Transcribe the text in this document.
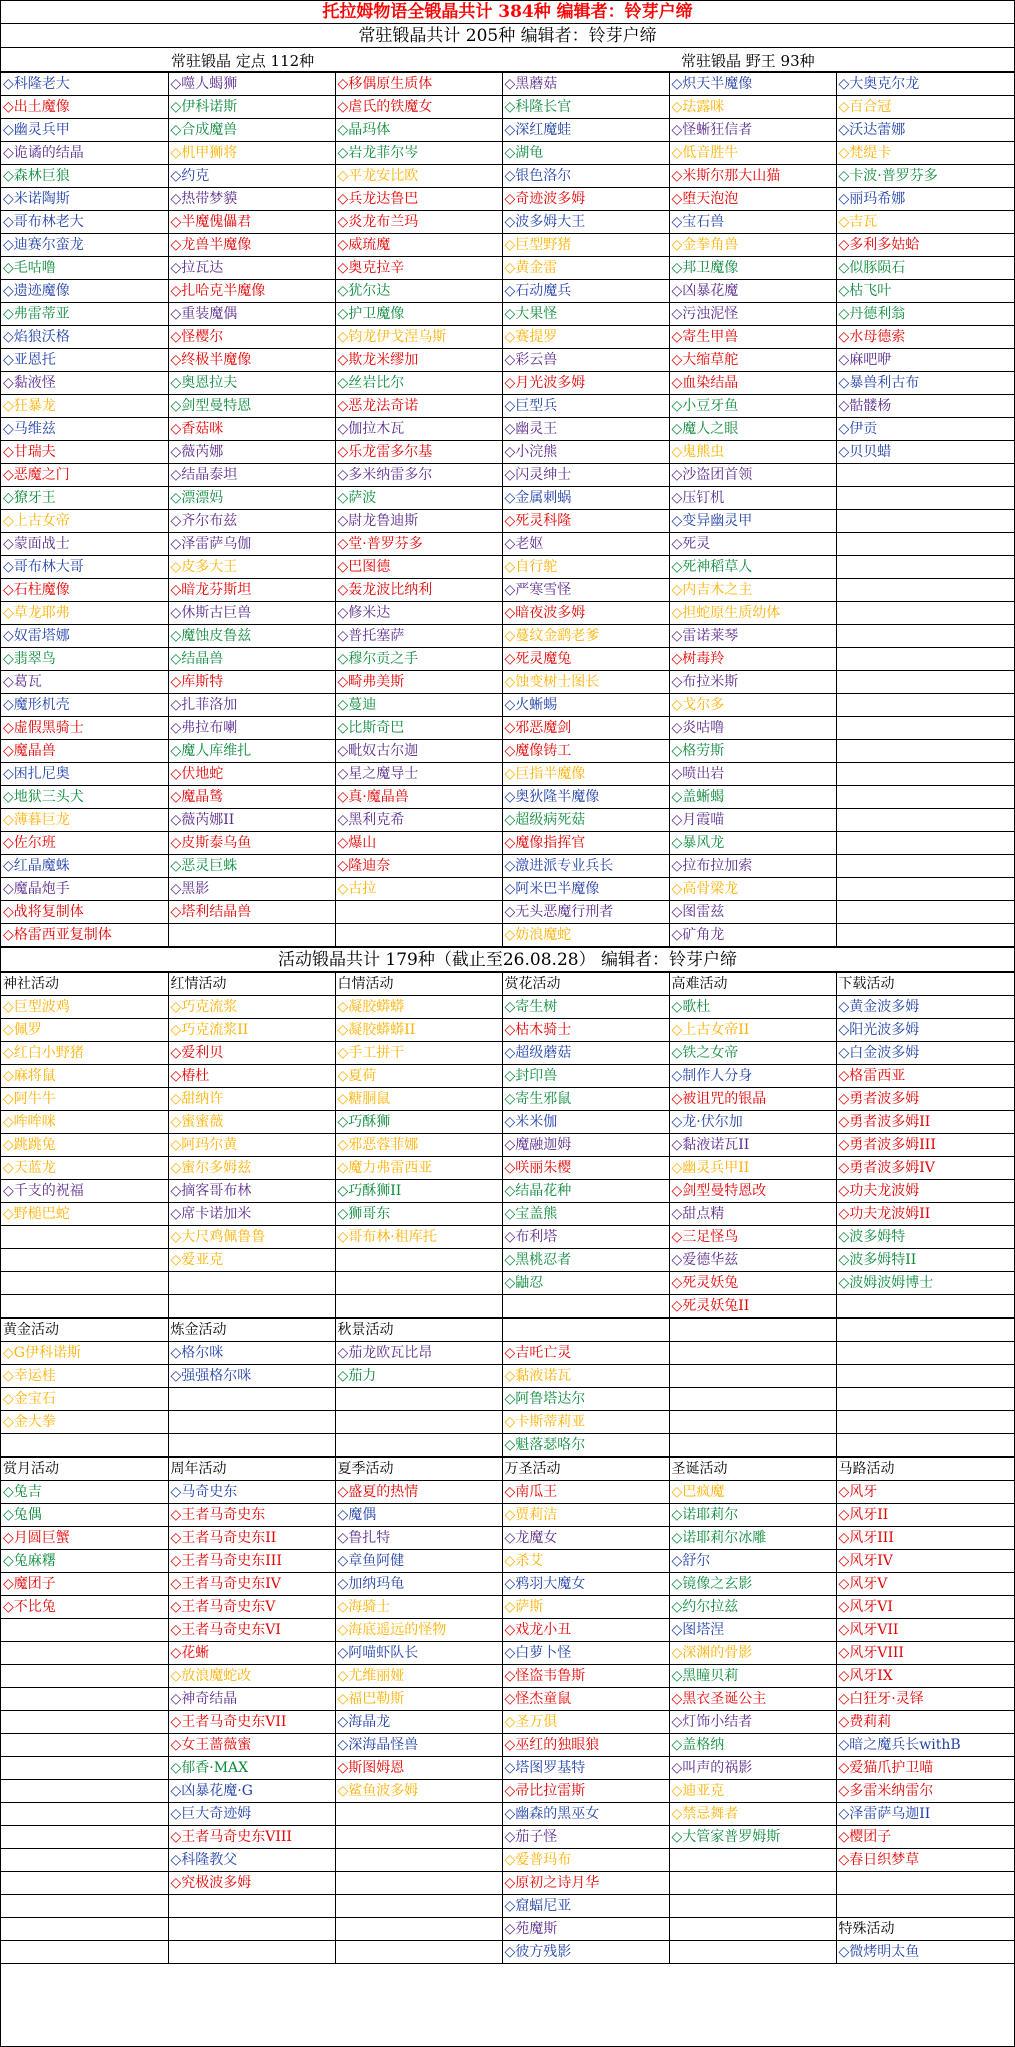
托拉姆物语全锻晶共计 384种 编辑者：铃芽户缔
常驻锻晶共计 205种 编辑者：铃芽户缔
常驻锻晶 定点 112种	常驻锻晶 野王 93种
◇科隆老大	◇噬人蝎狮	◇移偶原生质体	◇黑蘑菇	◇炽天半魔像	◇大奥克尔龙
◇出土魔像	◇伊科诺斯	◇虐氏的铁魔女	◇科隆长官	◇珐露咪	◇百合冠
◇幽灵兵甲	◇合成魔兽	◇晶玛体	◇深红魔蛙	◇怪蜥狂信者	◇沃达蕾娜
◇诡谲的结晶	◇机甲狮将	◇岩龙菲尔岑	◇湖龟	◇低音胜牛	◇梵缇卡
◇森林巨狼	◇约克	◇平龙安比欧	◇银色洛尔	◇米斯尔那大山猫	◇卡波·普罗芬多
◇米诺陶斯	◇热带梦貘	◇兵龙达鲁巴	◇奇迹波多姆	◇堕天泡泡	◇丽玛希娜
◇哥布林老大	◇半魔傀儡君	◇炎龙布兰玛	◇波多姆大王	◇宝石兽	◇吉瓦
◇迪赛尔蛮龙	◇龙兽半魔像	◇威琉魔	◇巨型野猪	◇金拳角兽	◇多利多姑蛤
◇毛咕噜	◇拉瓦达	◇奥克拉辛	◇黄金雷	◇邦卫魔像	◇似豚陨石
◇遗迹魔像	◇扎哈克半魔像	◇犹尔达	◇石动魔兵	◇凶暴花魔	◇枯飞叶
◇弗雷蒂亚	◇重装魔偶	◇护卫魔像	◇大果怪	◇污浊泥怪	◇丹德利翁
◇焰狼沃格	◇怪樱尔	◇钧龙伊戈涅乌斯	◇赛提罗	◇寄生甲兽	◇水母德索
◇亚恩托	◇终极半魔像	◇欺龙米缪加	◇彩云兽	◇大缩草舵	◇麻吧咿
◇黏液怪	◇奥恩拉夫	◇丝岩比尔	◇月光波多姆	◇血染结晶	◇暴兽利古布
◇狂暴龙	◇剑型曼特恩	◇恶龙法奇诺	◇巨型兵	◇小豆牙鱼	◇骷髅杨
◇马维兹	◇香菇咪	◇伽拉木瓦	◇幽灵王	◇魔人之眼	◇伊贡
◇甘瑞夫	◇薇芮娜	◇乐龙雷多尔基	◇小浣熊	◇鬼熊虫	◇贝贝蜡
◇恶魔之门	◇结晶泰坦	◇多米纳雷多尔	◇闪灵绅士	◇沙盗团首领	
◇獠牙王	◇漂漂妈	◇萨波	◇金属刺蜗	◇压钉机	
◇上古女帝	◇齐尔布兹	◇尉龙鲁迪斯	◇死灵科隆	◇变异幽灵甲	
◇蒙面战士	◇泽雷萨乌伽	◇堂·普罗芬多	◇老妪	◇死灵	
◇哥布林大哥	◇皮多大王	◇巴图德	◇自行鸵	◇死神稻草人	
◇石柱魔像	◇暗龙芬斯坦	◇轰龙波比纳利	◇严寒雪怪	◇内吉木之主	
◇草龙耶弗	◇休斯古巨兽	◇修米达	◇暗夜波多姆	◇担蛇原生质幼体	
◇奴雷塔娜	◇魔蚀皮鲁兹	◇普托塞萨	◇蔓纹金鹞老爹	◇雷诺莱琴	
◇翡翠鸟	◇结晶兽	◇穆尔贡之手	◇死灵魔兔	◇树毒羚	
◇葛瓦	◇库斯特	◇畸弗美斯	◇蚀变树士图长	◇布拉米斯	
◇魔形机壳	◇扎菲洛加	◇蔓迪	◇火蜥蜴	◇戈尔多	
◇虚假黑骑士	◇弗拉布喇	◇比斯奇巴	◇邪恶魔剑	◇炎咕噜	
◇魔晶兽	◇魔人库维扎	◇毗奴古尔迦	◇魔像铸工	◇格劳斯	
◇困扎尼奥	◇伏地蛇	◇星之魔导士	◇巨指半魔像	◇喷出岩	
◇地狱三头犬	◇魔晶鸶	◇真·魔晶兽	◇奥狄隆半魔像	◇盖蜥蝎	
◇薄暮巨龙	◇薇芮娜II	◇黑利克希	◇超级病死菇	◇月霞喵	
◇佐尔班	◇皮斯泰乌鱼	◇爆山	◇魔像指挥官	◇暴风龙	
◇红晶魔蛛	◇恶灵巨蛛	◇隆迪奈	◇激进派专业兵长	◇拉布拉加索	
◇魔晶炮手	◇黑影	◇古拉	◇阿米巴半魔像	◇高骨梁龙	
◇战将复制体	◇塔利结晶兽		◇无头恶魔行刑者	◇图雷兹	
◇格雷西亚复制体			◇妨浪魔蛇	◇矿角龙	
活动锻晶共计 179种（截止至26.08.28） 编辑者：铃芽户缔
神社活动	红情活动	白情活动	赏花活动	高难活动	下载活动
◇巨型波鸡	◇巧克流浆	◇凝胶蟒蟒	◇寄生树	◇歌杜	◇黄金波多姆
◇佩罗	◇巧克流浆II	◇凝胶蟒蟒II	◇枯木骑士	◇上古女帝II	◇阳光波多姆
◇红白小野猪	◇爱利贝	◇手工拼干	◇超级蘑菇	◇铁之女帝	◇白金波多姆
◇麻将鼠	◇椿杜	◇夏荷	◇封印兽	◇制作人分身	◇格雷西亚
◇阿牛牛	◇甜纳许	◇糖胴鼠	◇寄生邪鼠	◇被诅咒的银晶	◇勇者波多姆
◇哞哞咪	◇蜜蜜薇	◇巧酥狮	◇米米伽	◇龙·伏尔加	◇勇者波多姆II
◇跳跳兔	◇阿玛尔黄	◇邪恶蓉菲娜	◇魔融迦姆	◇黏液诺瓦II	◇勇者波多姆III
◇天蓝龙	◇蜜尔多姆兹	◇魔力弗雷西亚	◇咲丽朱樱	◇幽灵兵甲II	◇勇者波多姆IV
◇千支的祝福	◇摘客哥布林	◇巧酥狮II	◇结晶花种	◇剑型曼特恩改	◇功夫龙波姆
◇野槌巴蛇	◇席卡诺加米	◇狮哥东	◇宝盖熊	◇甜点精	◇功夫龙波姆II
	◇大尺鸡佩鲁鲁	◇哥布林·租库托	◇布利塔	◇三足怪鸟	◇波多姆特
	◇爱亚克		◇黑桃忍者	◇爱德华兹	◇波多姆特II
			◇鼬忍	◇死灵妖兔	◇波姆波姆博士
				◇死灵妖兔II	
黄金活动	炼金活动	秋景活动			
◇G伊科诺斯	◇格尔咪	◇茄龙欧瓦比昂	◇吉吒亡灵		
◇幸运桂	◇强强格尔咪	◇茄力	◇黏液诺瓦		
◇金宝石			◇阿鲁塔达尔		
◇金大拳			◇卡斯蒂莉亚		
			◇魁落瑟咯尔		
赏月活动	周年活动	夏季活动	万圣活动	圣诞活动	马路活动
◇兔吉	◇马奇史东	◇盛夏的热情	◇南瓜王	◇巴疯魔	◇风牙
◇兔偶	◇王者马奇史东	◇魔偶	◇贾莉洁	◇诺耶莉尔	◇风牙II
◇月圆巨蟹	◇王者马奇史东II	◇鲁扎特	◇龙魔女	◇诺耶莉尔冰雕	◇风牙III
◇兔麻糬	◇王者马奇史东III	◇章鱼阿健	◇杀艾	◇舒尔	◇风牙IV
◇魔团子	◇王者马奇史东IV	◇加纳玛龟	◇鸦羽大魔女	◇镜像之玄影	◇风牙V
◇不比兔	◇王者马奇史东V	◇海骑士	◇萨斯	◇约尔拉兹	◇风牙VI
	◇王者马奇史东VI	◇海底遥远的怪物	◇戏龙小丑	◇图塔涅	◇风牙VII
	◇花蜥	◇阿喵虾队长	◇白萝卜怪	◇深渊的骨影	◇风牙VIII
	◇放浪魔蛇改	◇尤维丽娅	◇怪盗韦鲁斯	◇黑瞳贝莉	◇风牙IX
	◇神奇结晶	◇福巴勒斯	◇怪杰童鼠	◇黑衣圣诞公主	◇白狂牙·灵铎
	◇王者马奇史东VII	◇海晶龙	◇圣万俱	◇灯饰小结者	◇费莉莉
	◇女王蔷薇蜜	◇深海晶怪兽	◇巫红的独眼狼	◇盖格纳	◇暗之魔兵长withB
	◇郁香·MAX	◇斯图姆恩	◇塔图罗基特	◇叫声的祸影	◇爱猫爪护卫喵
	◇凶暴花魔·G	◇鲨鱼波多姆	◇帚比拉雷斯	◇迪亚克	◇多雷米纳雷尔
	◇巨大奇迹姆		◇幽森的黑巫女	◇禁忌舞者	◇泽雷萨乌迦II
	◇王者马奇史东VIII		◇茄子怪	◇大管家普罗姆斯	◇樱团子
	◇科隆教父		◇爱普玛布		◇春日织梦草
	◇究极波多姆		◇原初之诗月华		
			◇窟蝠尼亚		
			◇苑魔斯		特殊活动
			◇彼方残影		◇微烤明太鱼
